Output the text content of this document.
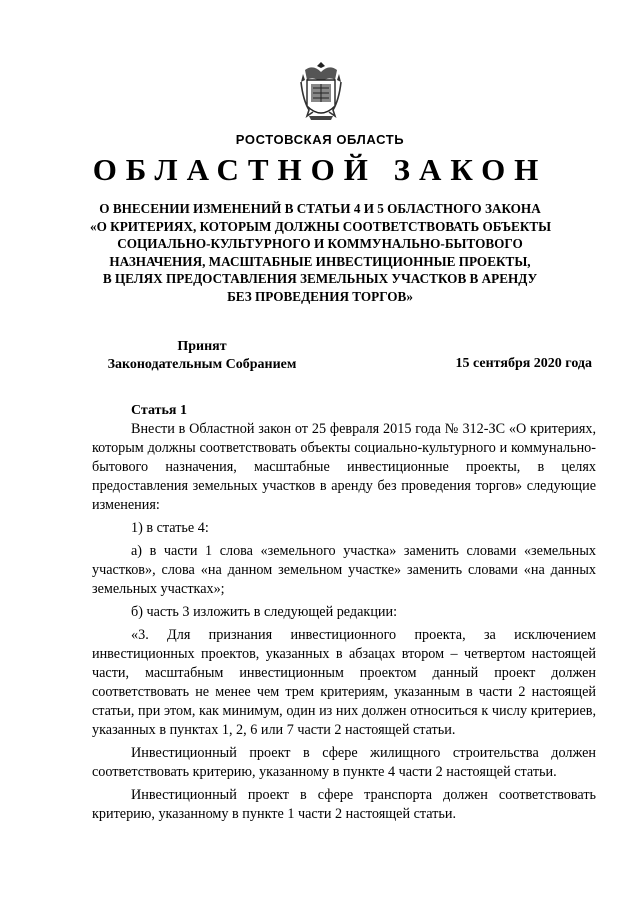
РОСТОВСКАЯ ОБЛАСТЬ
ОБЛАСТНОЙ ЗАКОН
О ВНЕСЕНИИ ИЗМЕНЕНИЙ В СТАТЬИ 4 И 5 ОБЛАСТНОГО ЗАКОНА
«О КРИТЕРИЯХ, КОТОРЫМ ДОЛЖНЫ СООТВЕТСТВОВАТЬ ОБЪЕКТЫ
СОЦИАЛЬНО-КУЛЬТУРНОГО И КОММУНАЛЬНО-БЫТОВОГО
НАЗНАЧЕНИЯ, МАСШТАБНЫЕ ИНВЕСТИЦИОННЫЕ ПРОЕКТЫ,
В ЦЕЛЯХ ПРЕДОСТАВЛЕНИЯ ЗЕМЕЛЬНЫХ УЧАСТКОВ В АРЕНДУ
БЕЗ ПРОВЕДЕНИЯ ТОРГОВ»
Принят
Законодательным Собранием	15 сентября 2020 года
Статья 1

Внести в Областной закон от 25 февраля 2015 года № 312-ЗС «О критериях, которым должны соответствовать объекты социально-культурного и коммунально-бытового назначения, масштабные инвестиционные проекты, в целях предоставления земельных участков в аренду без проведения торгов» следующие изменения:

1) в статье 4:

а) в части 1 слова «земельного участка» заменить словами «земельных участков», слова «на данном земельном участке» заменить словами «на данных земельных участках»;

б) часть 3 изложить в следующей редакции:

«3. Для признания инвестиционного проекта, за исключением инвестиционных проектов, указанных в абзацах втором – четвертом настоящей части, масштабным инвестиционным проектом данный проект должен соответствовать не менее чем трем критериям, указанным в части 2 настоящей статьи, при этом, как минимум, один из них должен относиться к числу критериев, указанных в пунктах 1, 2, 6 или 7 части 2 настоящей статьи.

Инвестиционный проект в сфере жилищного строительства должен соответствовать критерию, указанному в пункте 4 части 2 настоящей статьи.

Инвестиционный проект в сфере транспорта должен соответствовать критерию, указанному в пункте 1 части 2 настоящей статьи.
